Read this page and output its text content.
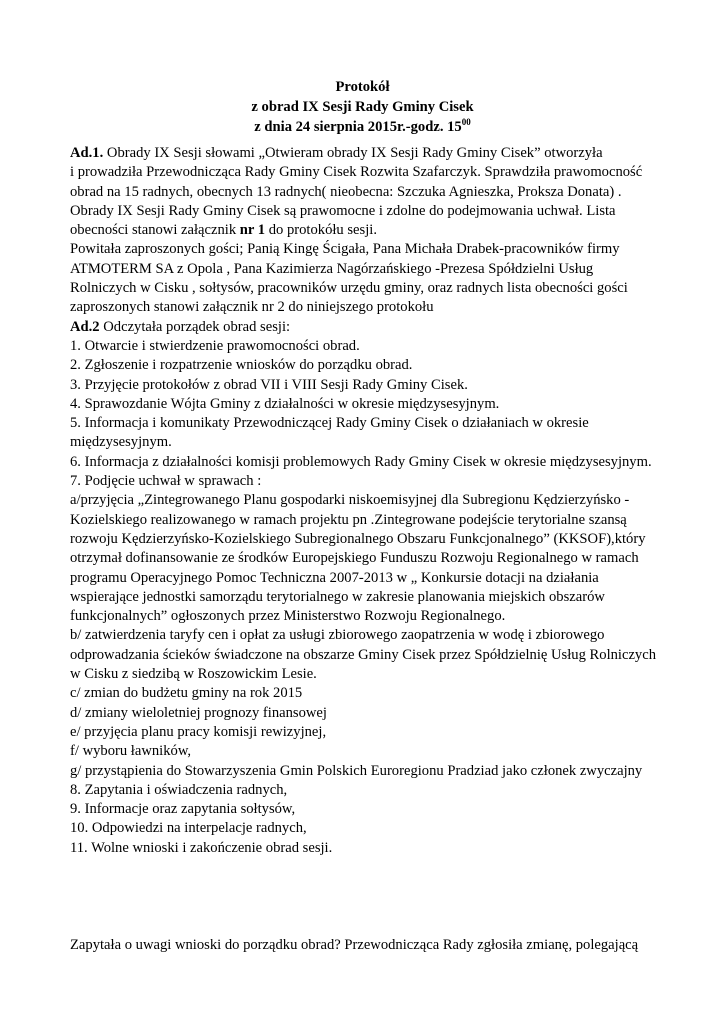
Protokół
z obrad IX Sesji Rady Gminy Cisek
z dnia 24 sierpnia 2015r.-godz. $15^{00}$

Ad.1. Obrady IX Sesji słowami „Otwieram obrady IX Sesji Rady Gminy Cisek” otworzyła
i prowadziła Przewodnicząca Rady Gminy Cisek Rozwita Szafarczyk. Sprawdziła prawomocność
obrad na 15 radnych, obecnych 13 radnych( nieobecna: Szczuka Agnieszka, Proksza Donata) .
Obrady IX Sesji Rady Gminy Cisek są prawomocne i zdolne do podejmowania uchwał. Lista
obecności stanowi załącznik nr 1 do protokółu sesji.
Powitała zaproszonych gości; Panią Kingę Ścigała, Pana Michała Drabek-pracowników firmy
ATMOTERM SA z Opola , Pana Kazimierza Nagórzańskiego -Prezesa Spółdzielni Usług
Rolniczych w Cisku , sołtysów, pracowników urzędu gminy, oraz radnych lista obecności gości
zaproszonych stanowi załącznik nr 2 do niniejszego protokołu

Ad.2 Odczytała porządek obrad sesji:
1. Otwarcie i stwierdzenie prawomocności obrad.
2. Zgłoszenie i rozpatrzenie wniosków do porządku obrad.
3. Przyjęcie protokołów z obrad VII i VIII Sesji Rady Gminy Cisek.
4. Sprawozdanie Wójta Gminy z działalności w okresie międzysesyjnym.
5. Informacja i komunikaty Przewodniczącej Rady Gminy Cisek o działaniach w okresie
międzysesyjnym.
6. Informacja z działalności komisji problemowych Rady Gminy Cisek w okresie międzysesyjnym.
7. Podjęcie uchwał w sprawach :
a/przyjęcia „Zintegrowanego Planu gospodarki niskoemisyjnej dla Subregionu Kędzierzyńsko -
Kozielskiego realizowanego w ramach projektu pn .Zintegrowane podejście terytorialne szansą
rozwoju Kędzierzyńsko-Kozielskiego Subregionalnego Obszaru Funkcjonalnego” (KKSOF),który
otrzymał dofinansowanie ze środków Europejskiego Funduszu Rozwoju Regionalnego w ramach
programu Operacyjnego Pomoc Techniczna 2007-2013 w „ Konkursie dotacji na działania
wspierające jednostki samorządu terytorialnego w zakresie planowania miejskich obszarów
funkcjonalnych” ogłoszonych przez Ministerstwo Rozwoju Regionalnego.
b/ zatwierdzenia taryfy cen i opłat za usługi zbiorowego zaopatrzenia w wodę i zbiorowego
odprowadzania ścieków świadczone na obszarze Gminy Cisek przez Spółdzielnię Usług Rolniczych
w Cisku z siedzibą w Roszowickim Lesie.
c/ zmian do budżetu gminy na rok 2015
d/ zmiany wieloletniej prognozy finansowej
e/ przyjęcia planu pracy komisji rewizyjnej,
f/ wyboru ławników,
g/ przystąpienia do Stowarzyszenia Gmin Polskich Euroregionu Pradziad jako członek zwyczajny
8. Zapytania i oświadczenia radnych,
9. Informacje oraz zapytania sołtysów,
10. Odpowiedzi na interpelacje radnych,
11. Wolne wnioski i zakończenie obrad sesji.

Zapytała o uwagi wnioski do porządku obrad? Przewodnicząca Rady zgłosiła zmianę, polegającą
